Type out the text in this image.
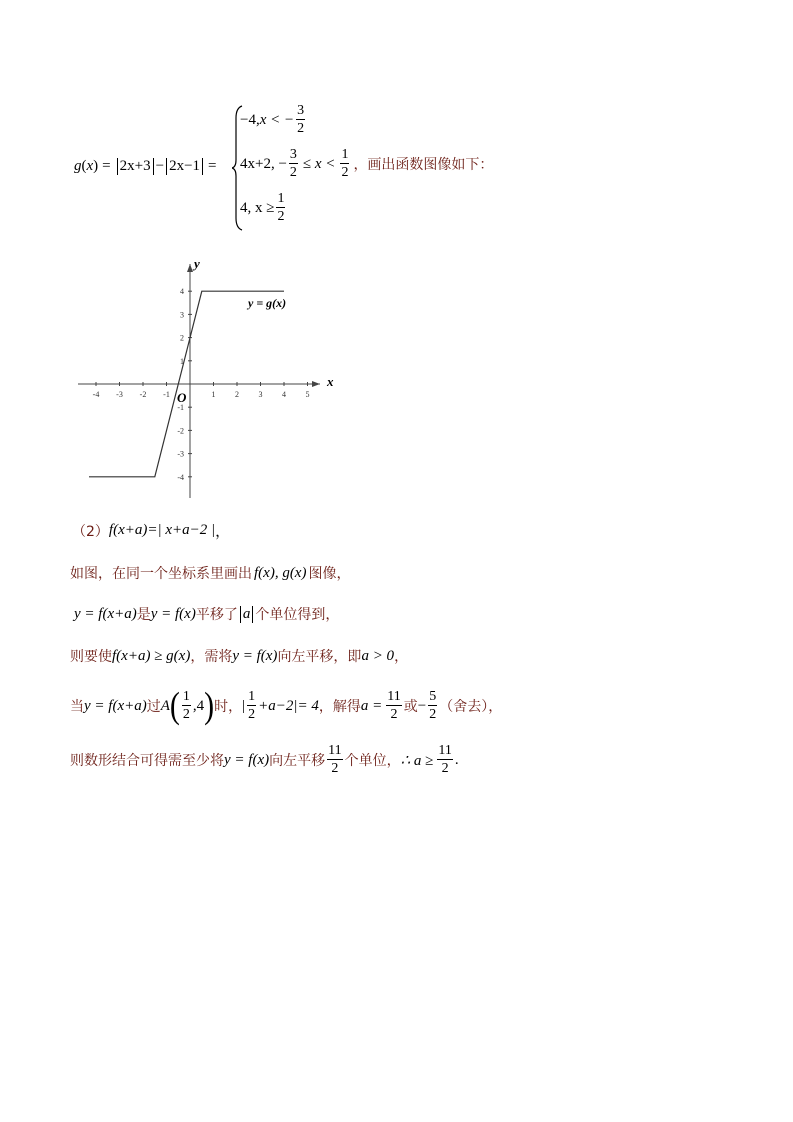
g ( x ) = 2x+3 − 2x−1 =
−4, x < − $\frac{3}{2}$
4x+2, − $\frac{3}{2} \le x < \frac{1}{2}$ ，画出函数图像如下：
4, $x \ge \frac{1}{2}$
-4 -3 -2 -1	1 2 3 4 5
4
3
2
1
-1
-2
-3
-4
x
y
O
y = g(x)
（2） f (x+a) =| x+a−2 | ，
如图，在同一个坐标系里画出 f(x), g(x) 图像，
y = f(x+a) 是 y = f(x) 平移了 a 个单位得到，
则要使 f(x+a) ≥ g(x) ，需将 y = f(x) 向左平移，即 a > 0 ，
当 y = f(x+a) 过 A ( $\frac{1}{2} ,4$ ) 时， | $\frac{1}{2} +a-2|= 4$ ，解得 $a = \frac{11}{2}$ 或 − $\frac{5}{2}$ （舍去），
则数形结合可得需至少将 y = f(x) 向左平移 $\frac{11}{2}$ 个单位， ∴ $a \ge \frac{11}{2}$ .
